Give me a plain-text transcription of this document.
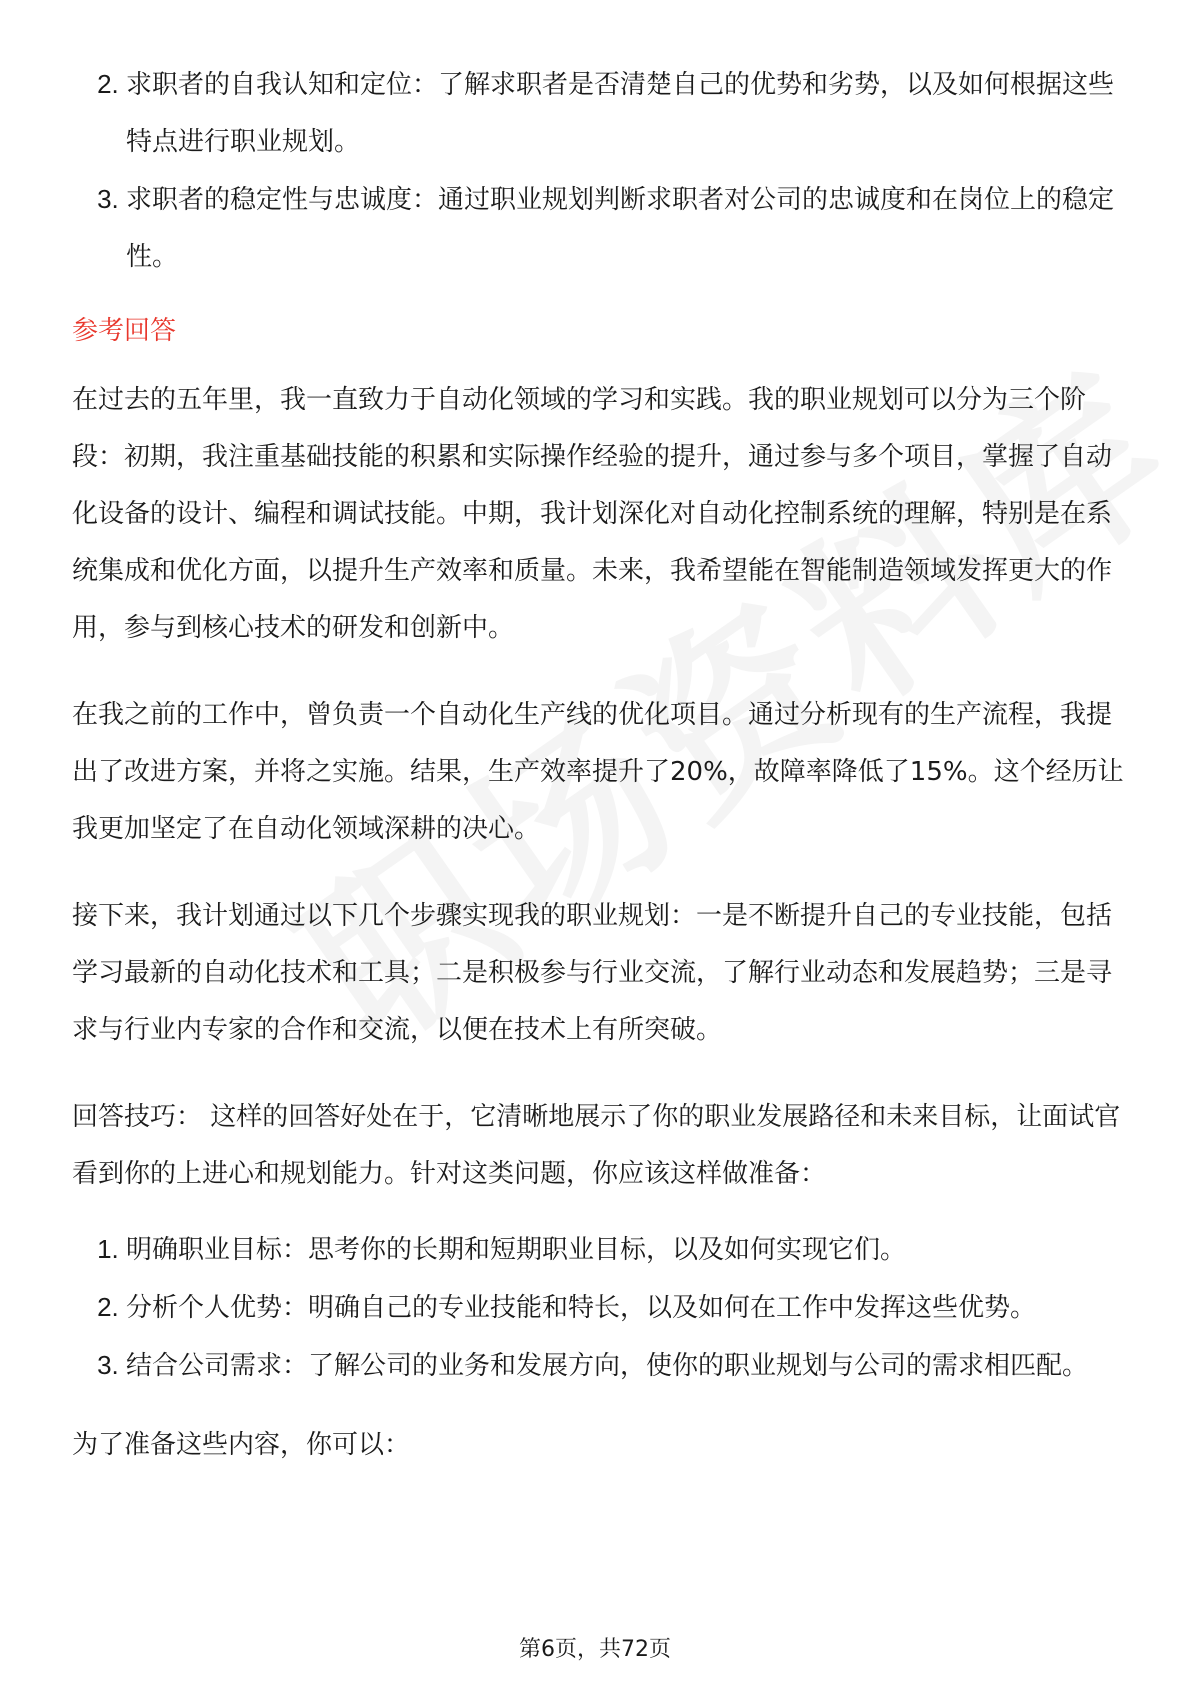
2. 求职者的自我认知和定位：了解求职者是否清楚自己的优势和劣势，以及如何根据这些特点进行职业规划。
3. 求职者的稳定性与忠诚度：通过职业规划判断求职者对公司的忠诚度和在岗位上的稳定性。
参考回答

在过去的五年里，我一直致力于自动化领域的学习和实践。我的职业规划可以分为三个阶段：初期，我注重基础技能的积累和实际操作经验的提升，通过参与多个项目，掌握了自动化设备的设计、编程和调试技能。中期，我计划深化对自动化控制系统的理解，特别是在系统集成和优化方面，以提升生产效率和质量。未来，我希望能在智能制造领域发挥更大的作用，参与到核心技术的研发和创新中。

在我之前的工作中，曾负责一个自动化生产线的优化项目。通过分析现有的生产流程，我提出了改进方案，并将之实施。结果，生产效率提升了20%，故障率降低了15%。这个经历让我更加坚定了在自动化领域深耕的决心。

接下来，我计划通过以下几个步骤实现我的职业规划：一是不断提升自己的专业技能，包括学习最新的自动化技术和工具；二是积极参与行业交流，了解行业动态和发展趋势；三是寻求与行业内专家的合作和交流，以便在技术上有所突破。

回答技巧： 这样的回答好处在于，它清晰地展示了你的职业发展路径和未来目标，让面试官看到你的上进心和规划能力。针对这类问题，你应该这样做准备：

1. 明确职业目标：思考你的长期和短期职业目标，以及如何实现它们。
2. 分析个人优势：明确自己的专业技能和特长，以及如何在工作中发挥这些优势。
3. 结合公司需求：了解公司的业务和发展方向，使你的职业规划与公司的需求相匹配。

为了准备这些内容，你可以：

第6页，共72页
